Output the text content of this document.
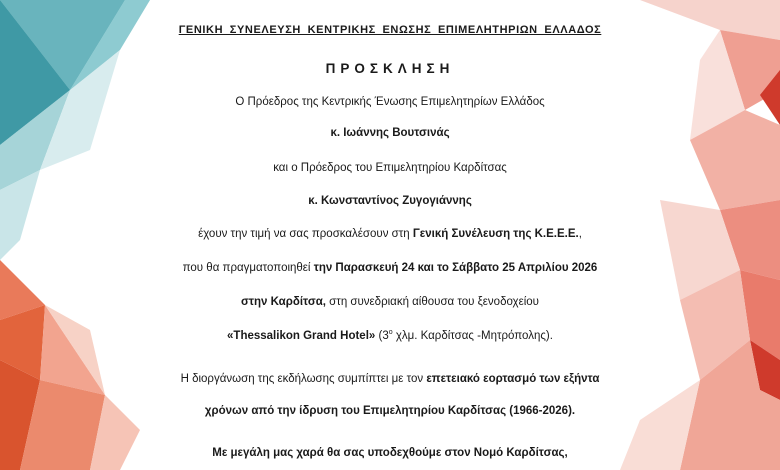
ΓΕΝΙΚΗ ΣΥΝΕΛΕΥΣΗ ΚΕΝΤΡΙΚΗΣ ΕΝΩΣΗΣ ΕΠΙΜΕΛΗΤΗΡΙΩΝ ΕΛΛΑΔΟΣ
ΠΡΟΣΚΛΗΣΗ
Ο Πρόεδρος της Κεντρικής Ένωσης Επιμελητηρίων Ελλάδος
κ. Ιωάννης Βουτσινάς
και ο Πρόεδρος του Επιμελητηρίου Καρδίτσας
κ. Κωνσταντίνος Ζυγογιάννης
έχουν την τιμή να σας προσκαλέσουν στη Γενική Συνέλευση της Κ.Ε.Ε.Ε.,
που θα πραγματοποιηθεί την Παρασκευή 24 και το Σάββατο 25 Απριλίου 2026
στην Καρδίτσα, στη συνεδριακή αίθουσα του ξενοδοχείου
«Thessalikon Grand Hotel» ($3^o$ χλμ. Καρδίτσας -Μητρόπολης).
Η διοργάνωση της εκδήλωσης συμπίπτει με τον επετειακό εορτασμό των εξήντα
χρόνων από την ίδρυση του Επιμελητηρίου Καρδίτσας (1966-2026).
Με μεγάλη μας χαρά θα σας υποδεχθούμε στον Νομό Καρδίτσας,
